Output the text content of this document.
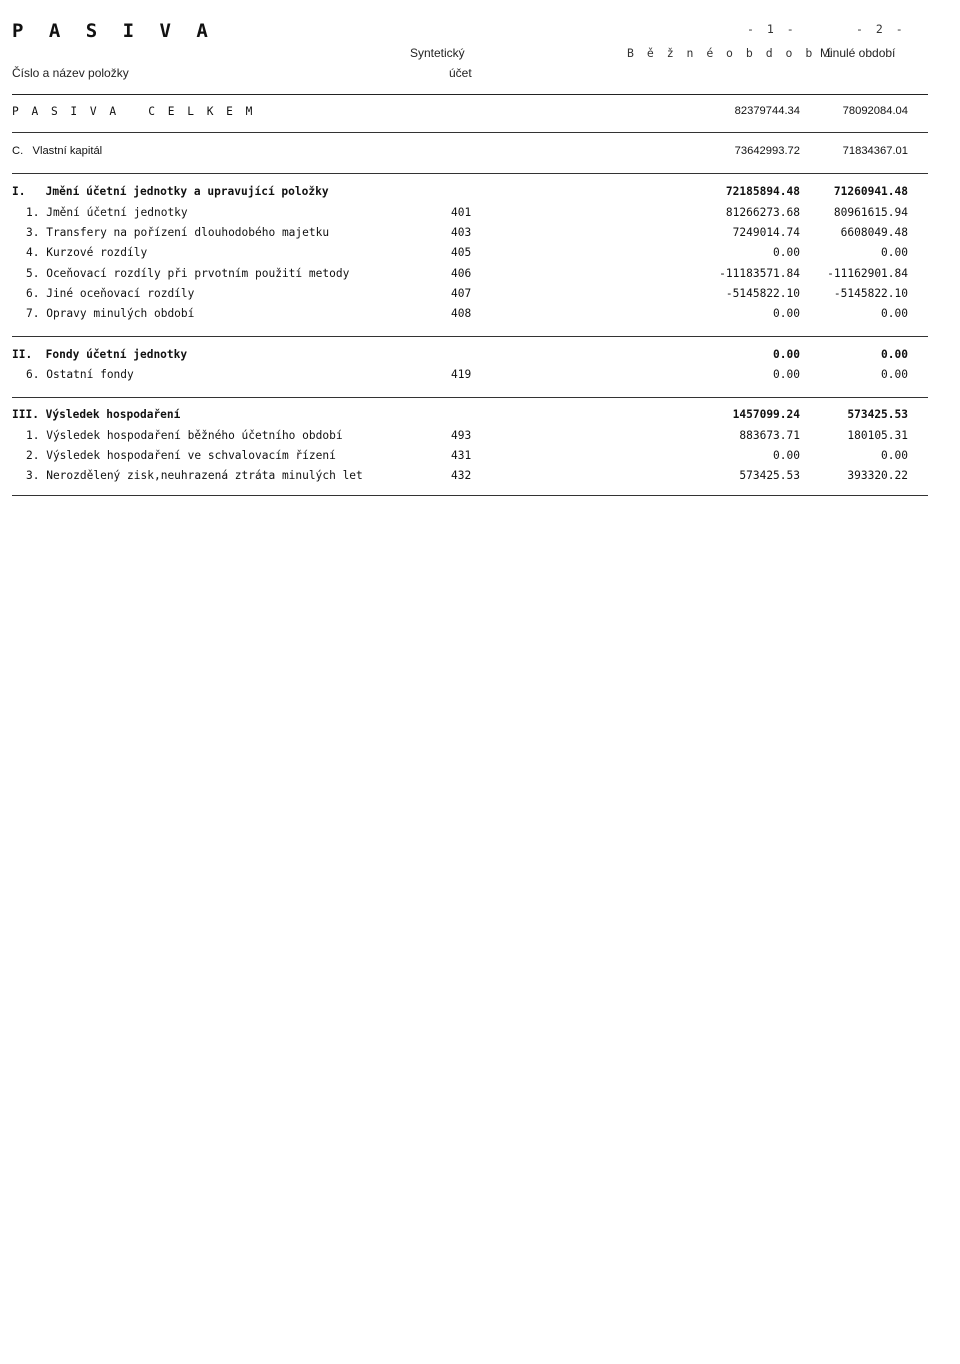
P A S I V A
Číslo a název položky
Syntetický
účet
B ě ž n é o b d o b í
- 1 -	- 2 -
Minulé období
P A S I V A   C E L K E M	82379744.34	78092084.04
C.   Vlastní kapitál	73642993.72	71834367.01
I.   Jmění účetní jednotky a upravující položky	72185894.48	71260941.48
1. Jmění účetní jednotky	401	81266273.68	80961615.94
3. Transfery na pořízení dlouhodobého majetku	403	7249014.74	6608049.48
4. Kurzové rozdíly	405	0.00	0.00
5. Oceňovací rozdíly při prvotním použití metody	406	-11183571.84 -11162901.84
6. Jiné oceňovací rozdíly	407	-5145822.10	-5145822.10
7. Opravy minulých období	408	0.00	0.00
II.  Fondy účetní jednotky	0.00	0.00
6. Ostatní fondy	419	0.00	0.00
III. Výsledek hospodaření	1457099.24	573425.53
1. Výsledek hospodaření běžného účetního období	493	883673.71	180105.31
2. Výsledek hospodaření ve schvalovacím řízení	431	0.00	0.00
3. Nerozdělený zisk,neuhrazená ztráta minulých let	432	573425.53	393320.22
